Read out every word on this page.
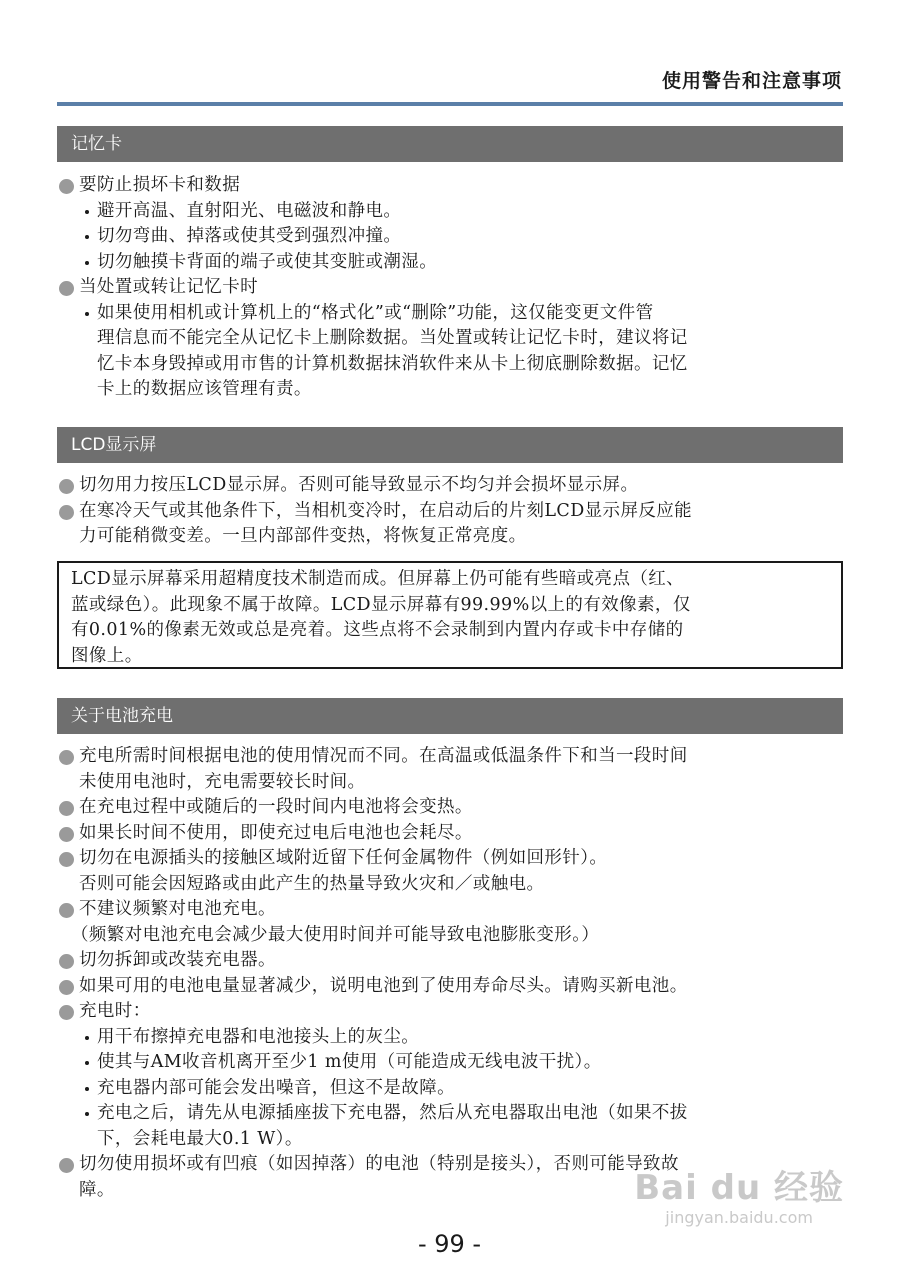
使用警告和注意事项
记忆卡
要防止损坏卡和数据
避开高温、直射阳光、电磁波和静电。
切勿弯曲、掉落或使其受到强烈冲撞。
切勿触摸卡背面的端子或使其变脏或潮湿。
当处置或转让记忆卡时
如果使用相机或计算机上的“格式化”或“删除”功能，这仅能变更文件管
理信息而不能完全从记忆卡上删除数据。当处置或转让记忆卡时，建议将记
忆卡本身毁掉或用市售的计算机数据抹消软件来从卡上彻底删除数据。记忆
卡上的数据应该管理有责。
LCD显示屏
切勿用力按压LCD显示屏。否则可能导致显示不均匀并会损坏显示屏。
在寒冷天气或其他条件下，当相机变冷时，在启动后的片刻LCD显示屏反应能
力可能稍微变差。一旦内部部件变热，将恢复正常亮度。
LCD显示屏幕采用超精度技术制造而成。但屏幕上仍可能有些暗或亮点（红、
蓝或绿色）。此现象不属于故障。LCD显示屏幕有99.99%以上的有效像素，仅
有0.01%的像素无效或总是亮着。这些点将不会录制到内置内存或卡中存储的
图像上。
关于电池充电
充电所需时间根据电池的使用情况而不同。在高温或低温条件下和当一段时间
未使用电池时，充电需要较长时间。
在充电过程中或随后的一段时间内电池将会变热。
如果长时间不使用，即使充过电后电池也会耗尽。
切勿在电源插头的接触区域附近留下任何金属物件（例如回形针）。
否则可能会因短路或由此产生的热量导致火灾和／或触电。
不建议频繁对电池充电。
（频繁对电池充电会减少最大使用时间并可能导致电池膨胀变形。）
切勿拆卸或改装充电器。
如果可用的电池电量显著减少，说明电池到了使用寿命尽头。请购买新电池。
充电时：
用干布擦掉充电器和电池接头上的灰尘。
使其与AM收音机离开至少1 m使用（可能造成无线电波干扰）。
充电器内部可能会发出噪音，但这不是故障。
充电之后，请先从电源插座拔下充电器，然后从充电器取出电池（如果不拔
下，会耗电最大0.1 W）。
切勿使用损坏或有凹痕（如因掉落）的电池（特别是接头），否则可能导致故
障。	Bai du 经验
jingyan.baidu.com
- 99 -
